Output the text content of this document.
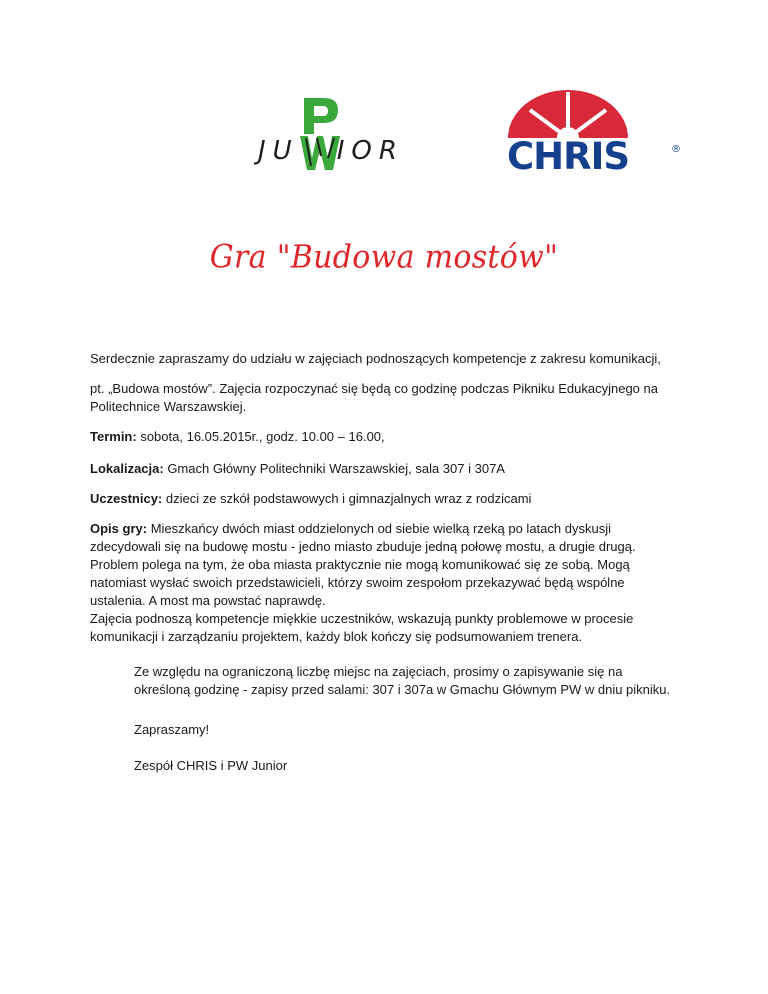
JU IOR	CHRIS	®
Gra "Budowa mostów"
Serdecznie zapraszamy do udziału w zajęciach podnoszących kompetencje z zakresu komunikacji,
pt. „Budowa mostów”. Zajęcia rozpoczynać się będą co godzinę podczas Pikniku Edukacyjnego na
Politechnice Warszawskiej.
Termin: sobota, 16.05.2015r., godz. 10.00 – 16.00,
Lokalizacja: Gmach Główny Politechniki Warszawskiej, sala 307 i 307A
Uczestnicy: dzieci ze szkół podstawowych i gimnazjalnych wraz z rodzicami
Opis gry: Mieszkańcy dwóch miast oddzielonych od siebie wielką rzeką po latach dyskusji
zdecydowali się na budowę mostu - jedno miasto zbuduje jedną połowę mostu, a drugie drugą.
Problem polega na tym, że oba miasta praktycznie nie mogą komunikować się ze sobą. Mogą
natomiast wysłać swoich przedstawicieli, którzy swoim zespołom przekazywać będą wspólne
ustalenia. A most ma powstać naprawdę.
Zajęcia podnoszą kompetencje miękkie uczestników, wskazują punkty problemowe w procesie
komunikacji i zarządzaniu projektem, każdy blok kończy się podsumowaniem trenera.
Ze względu na ograniczoną liczbę miejsc na zajęciach, prosimy o zapisywanie się na
określoną godzinę - zapisy przed salami: 307 i 307a w Gmachu Głównym PW w dniu pikniku.
Zapraszamy!
Zespół CHRIS i PW Junior
